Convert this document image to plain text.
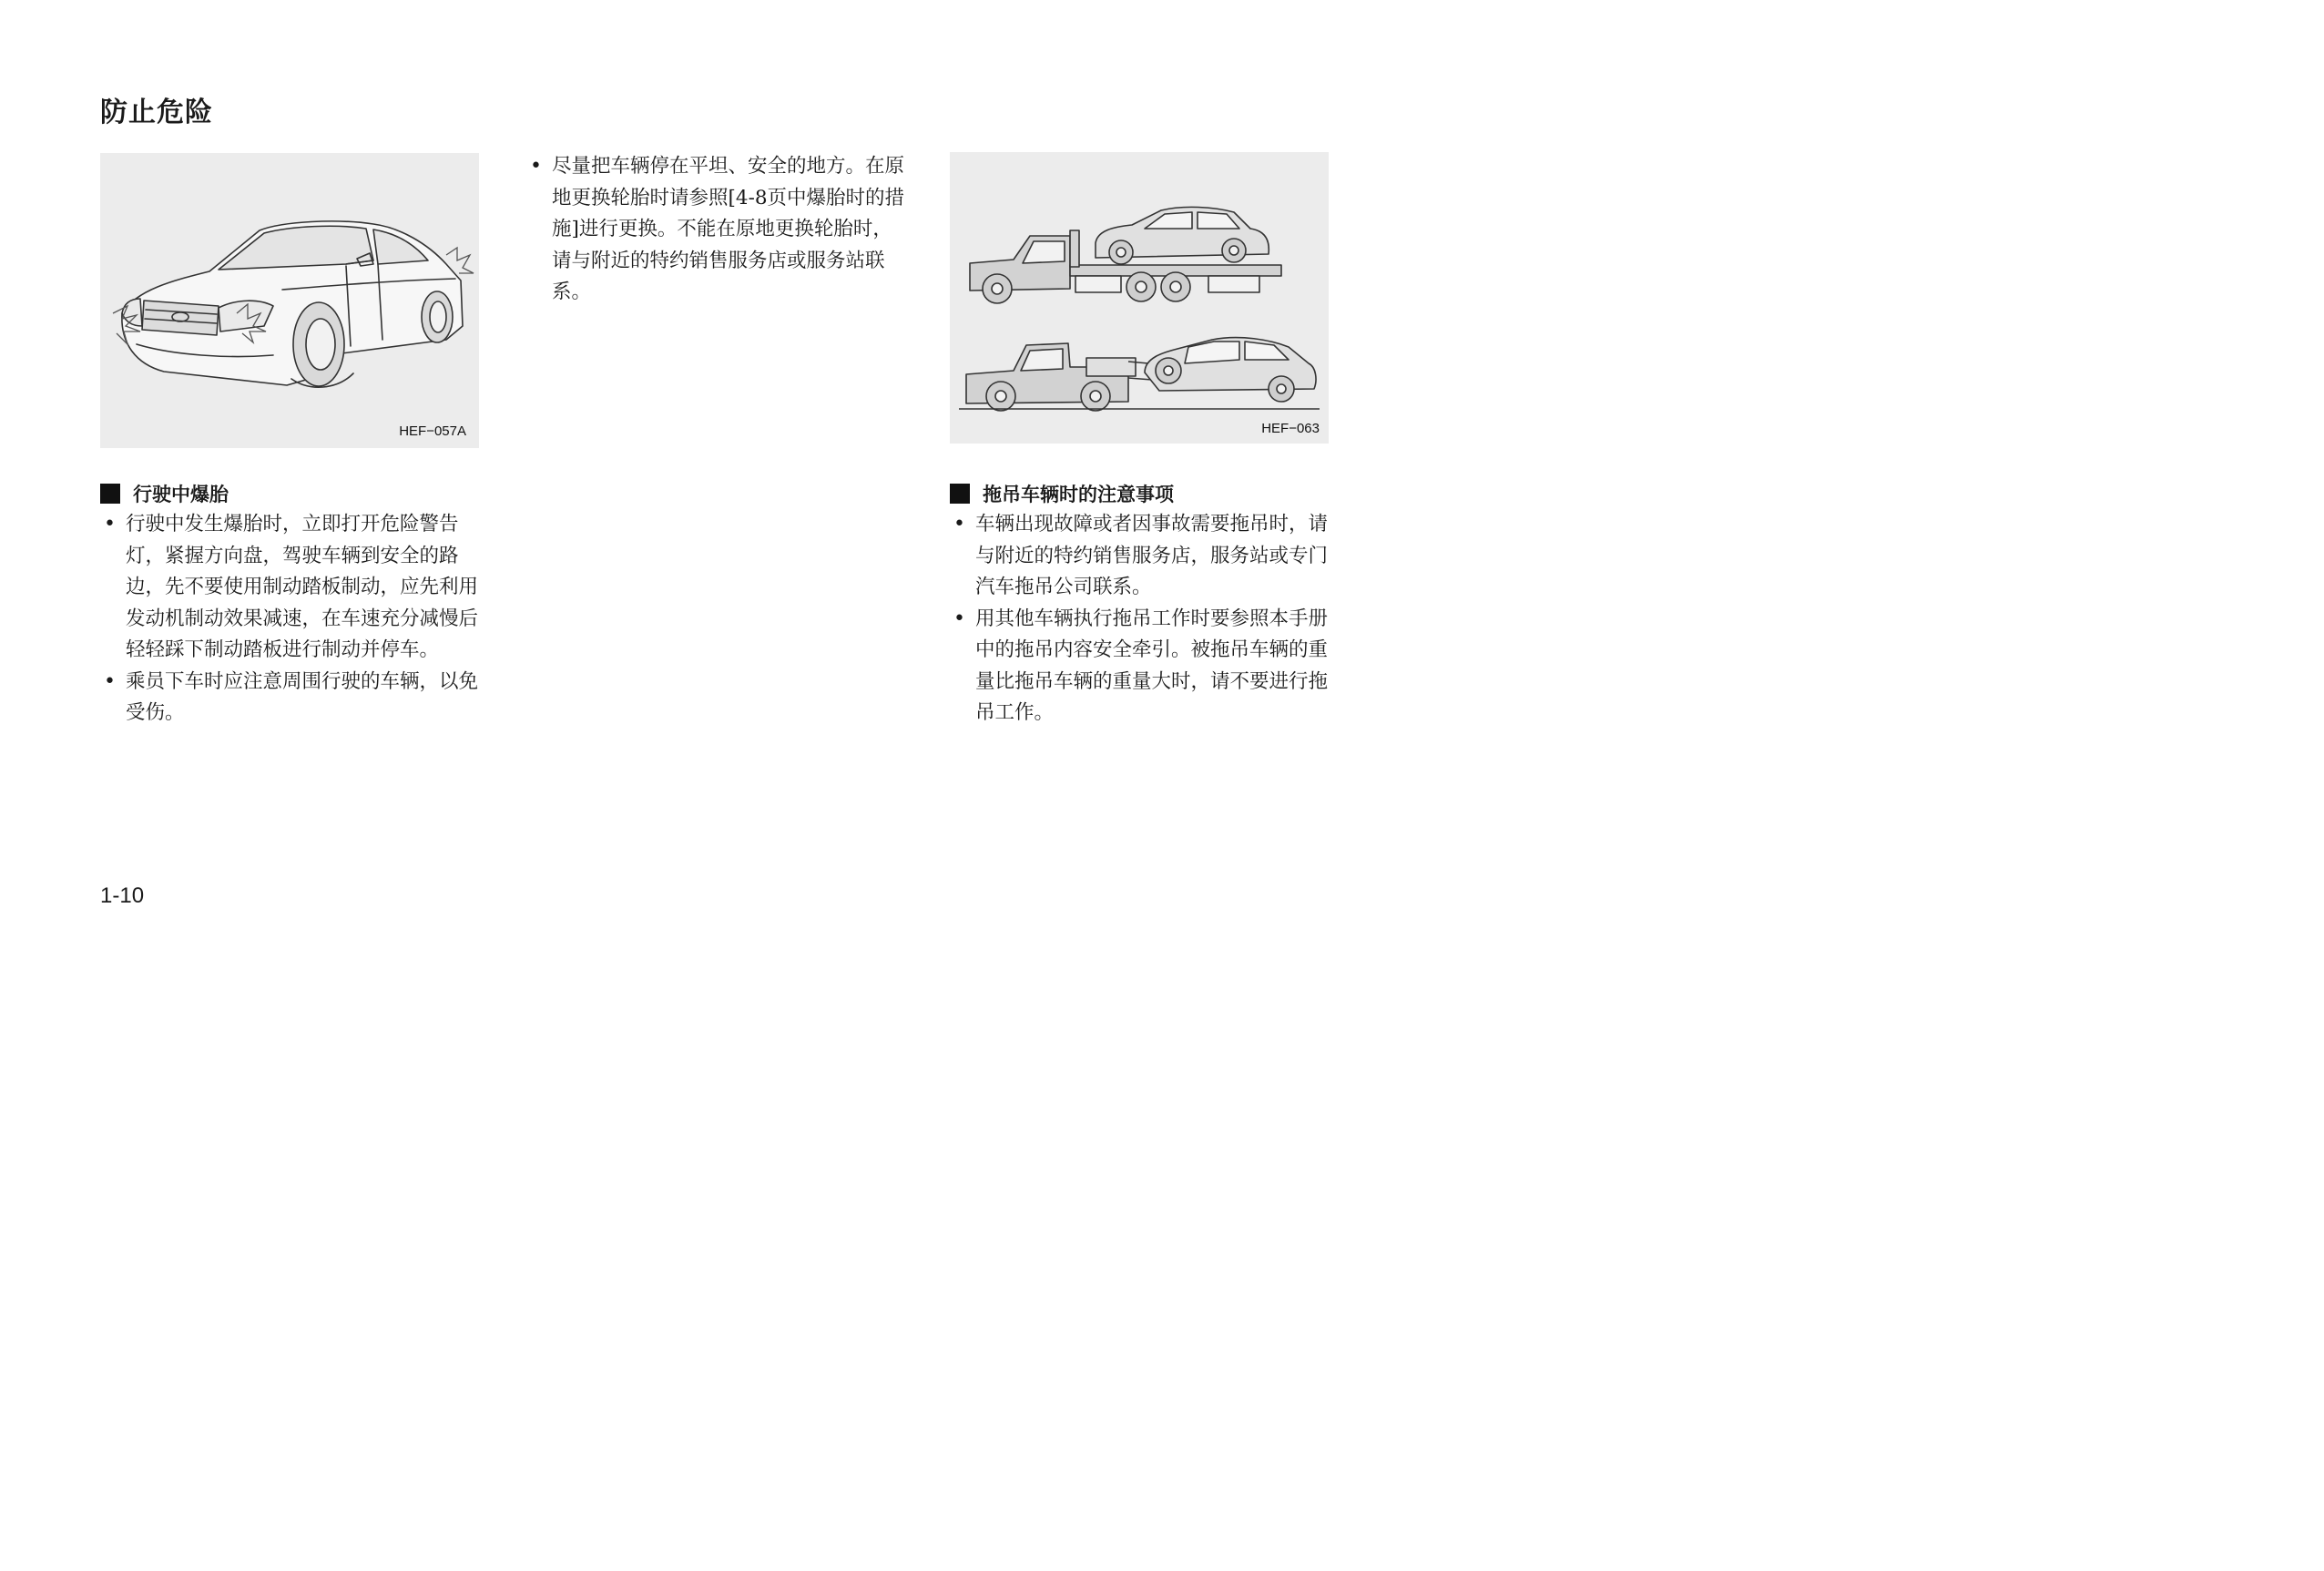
防止危险
HEF−057A
• 尽量把车辆停在平坦、安全的地方。在原地更换轮胎时请参照[4-8页中爆胎时的措施]进行更换。不能在原地更换轮胎时，请与附近的特约销售服务店或服务站联系。
HEF−063
行驶中爆胎
• 行驶中发生爆胎时，立即打开危险警告灯，紧握方向盘，驾驶车辆到安全的路边，先不要使用制动踏板制动，应先利用发动机制动效果减速，在车速充分减慢后轻轻踩下制动踏板进行制动并停车。
• 乘员下车时应注意周围行驶的车辆，以免受伤。
拖吊车辆时的注意事项
• 车辆出现故障或者因事故需要拖吊时，请与附近的特约销售服务店，服务站或专门汽车拖吊公司联系。
• 用其他车辆执行拖吊工作时要参照本手册中的拖吊内容安全牵引。被拖吊车辆的重量比拖吊车辆的重量大时，请不要进行拖吊工作。
1-10
